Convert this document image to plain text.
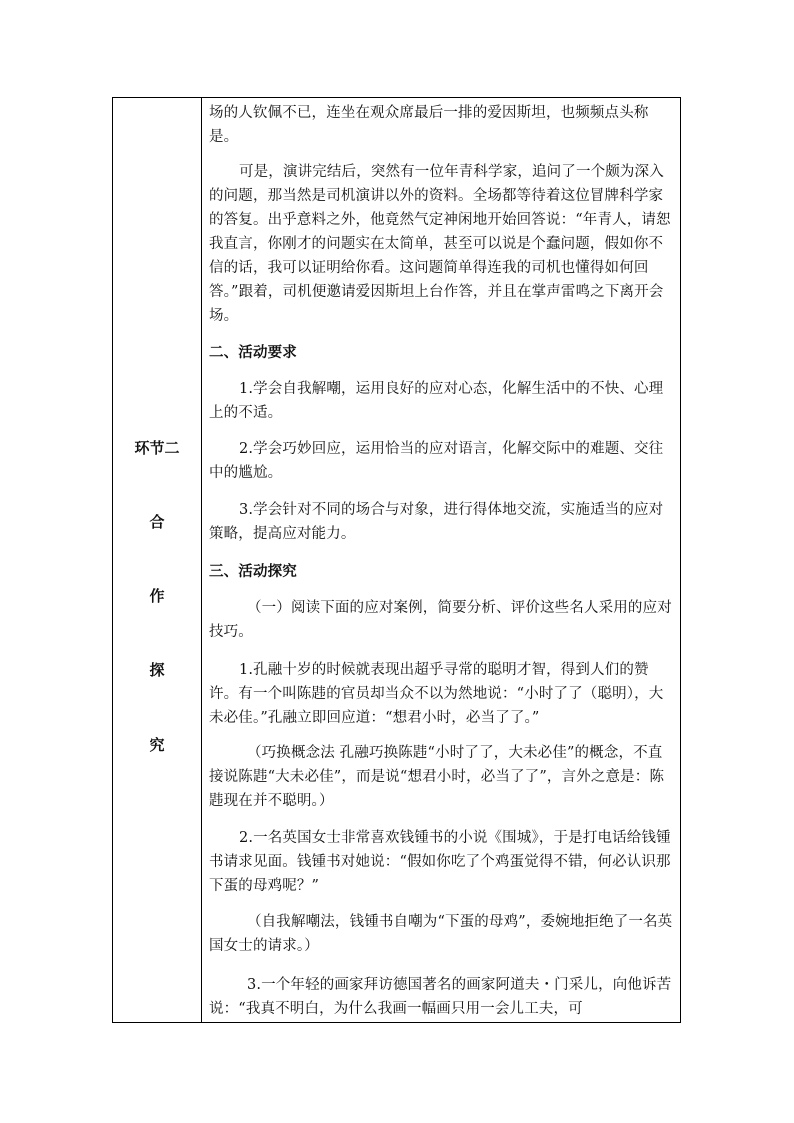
环节二
合
作
探
究
场的人钦佩不已，连坐在观众席最后一排的爱因斯坦，也频频点头称是。
可是，演讲完结后，突然有一位年青科学家，追问了一个颇为深入的问题，那当然是司机演讲以外的资料。全场都等待着这位冒牌科学家的答复。出乎意料之外，他竟然气定神闲地开始回答说：“年青人，请恕我直言，你刚才的问题实在太简单，甚至可以说是个蠢问题，假如你不信的话，我可以证明给你看。这问题简单得连我的司机也懂得如何回答。”跟着，司机便邀请爱因斯坦上台作答，并且在掌声雷鸣之下离开会场。
二、活动要求
1.学会自我解嘲，运用良好的应对心态，化解生活中的不快、心理上的不适。
2.学会巧妙回应，运用恰当的应对语言，化解交际中的难题、交往中的尴尬。
3.学会针对不同的场合与对象，进行得体地交流，实施适当的应对策略，提高应对能力。
三、活动探究
（一）阅读下面的应对案例，简要分析、评价这些名人采用的应对技巧。
1.孔融十岁的时候就表现出超乎寻常的聪明才智，得到人们的赞许。有一个叫陈韪的官员却当众不以为然地说：“小时了了（聪明），大未必佳。”孔融立即回应道：“想君小时，必当了了。”
（巧换概念法 孔融巧换陈韪“小时了了，大未必佳”的概念，不直接说陈韪“大未必佳”，而是说“想君小时，必当了了”，言外之意是：陈韪现在并不聪明。）
2.一名英国女士非常喜欢钱锺书的小说《围城》，于是打电话给钱锺书请求见面。钱锺书对她说：“假如你吃了个鸡蛋觉得不错，何必认识那下蛋的母鸡呢？”
（自我解嘲法，钱锺书自嘲为“下蛋的母鸡”，委婉地拒绝了一名英国女士的请求。）
3.一个年轻的画家拜访德国著名的画家阿道夫・门采儿，向他诉苦说：“我真不明白，为什么我画一幅画只用一会儿工夫，可
